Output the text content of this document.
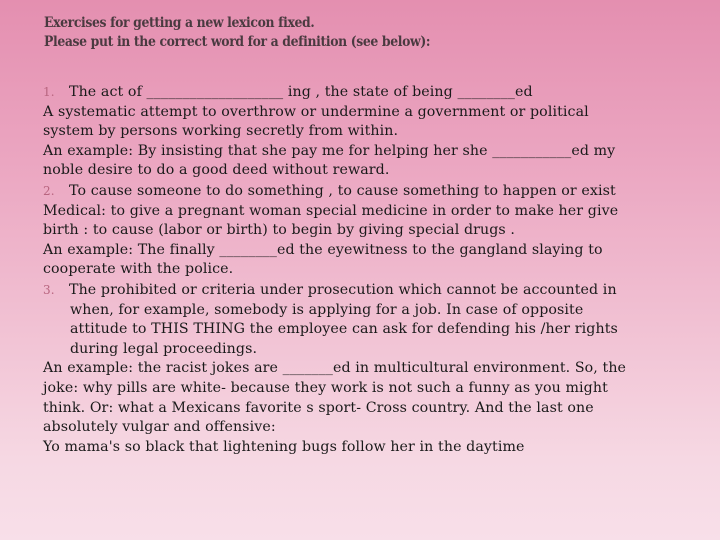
Exercises for getting a new lexicon fixed.
Please put in the correct word for a definition (see below):
1. The act of ___________________ ing , the state of being ________ed
A systematic attempt to overthrow or undermine a government or political
system by persons working secretly from within.
An example: By insisting that she pay me for helping her she ___________ed my
noble desire to do a good deed without reward.
2. To cause someone to do something , to cause something to happen or exist
Medical: to give a pregnant woman special medicine in order to make her give
birth : to cause (labor or birth) to begin by giving special drugs .
An example: The finally ________ed the eyewitness to the gangland slaying to
cooperate with the police.
3. The prohibited or criteria under prosecution which cannot be accounted in
when, for example, somebody is applying for a job. In case of opposite
attitude to THIS THING the employee can ask for defending his /her rights
during legal proceedings.
An example: the racist jokes are _______ed in multicultural environment. So, the
joke: why pills are white- because they work is not such a funny as you might
think. Or: what a Mexicans favorite s sport- Cross country. And the last one
absolutely vulgar and offensive:
Yo mama's so black that lightening bugs follow her in the daytime
